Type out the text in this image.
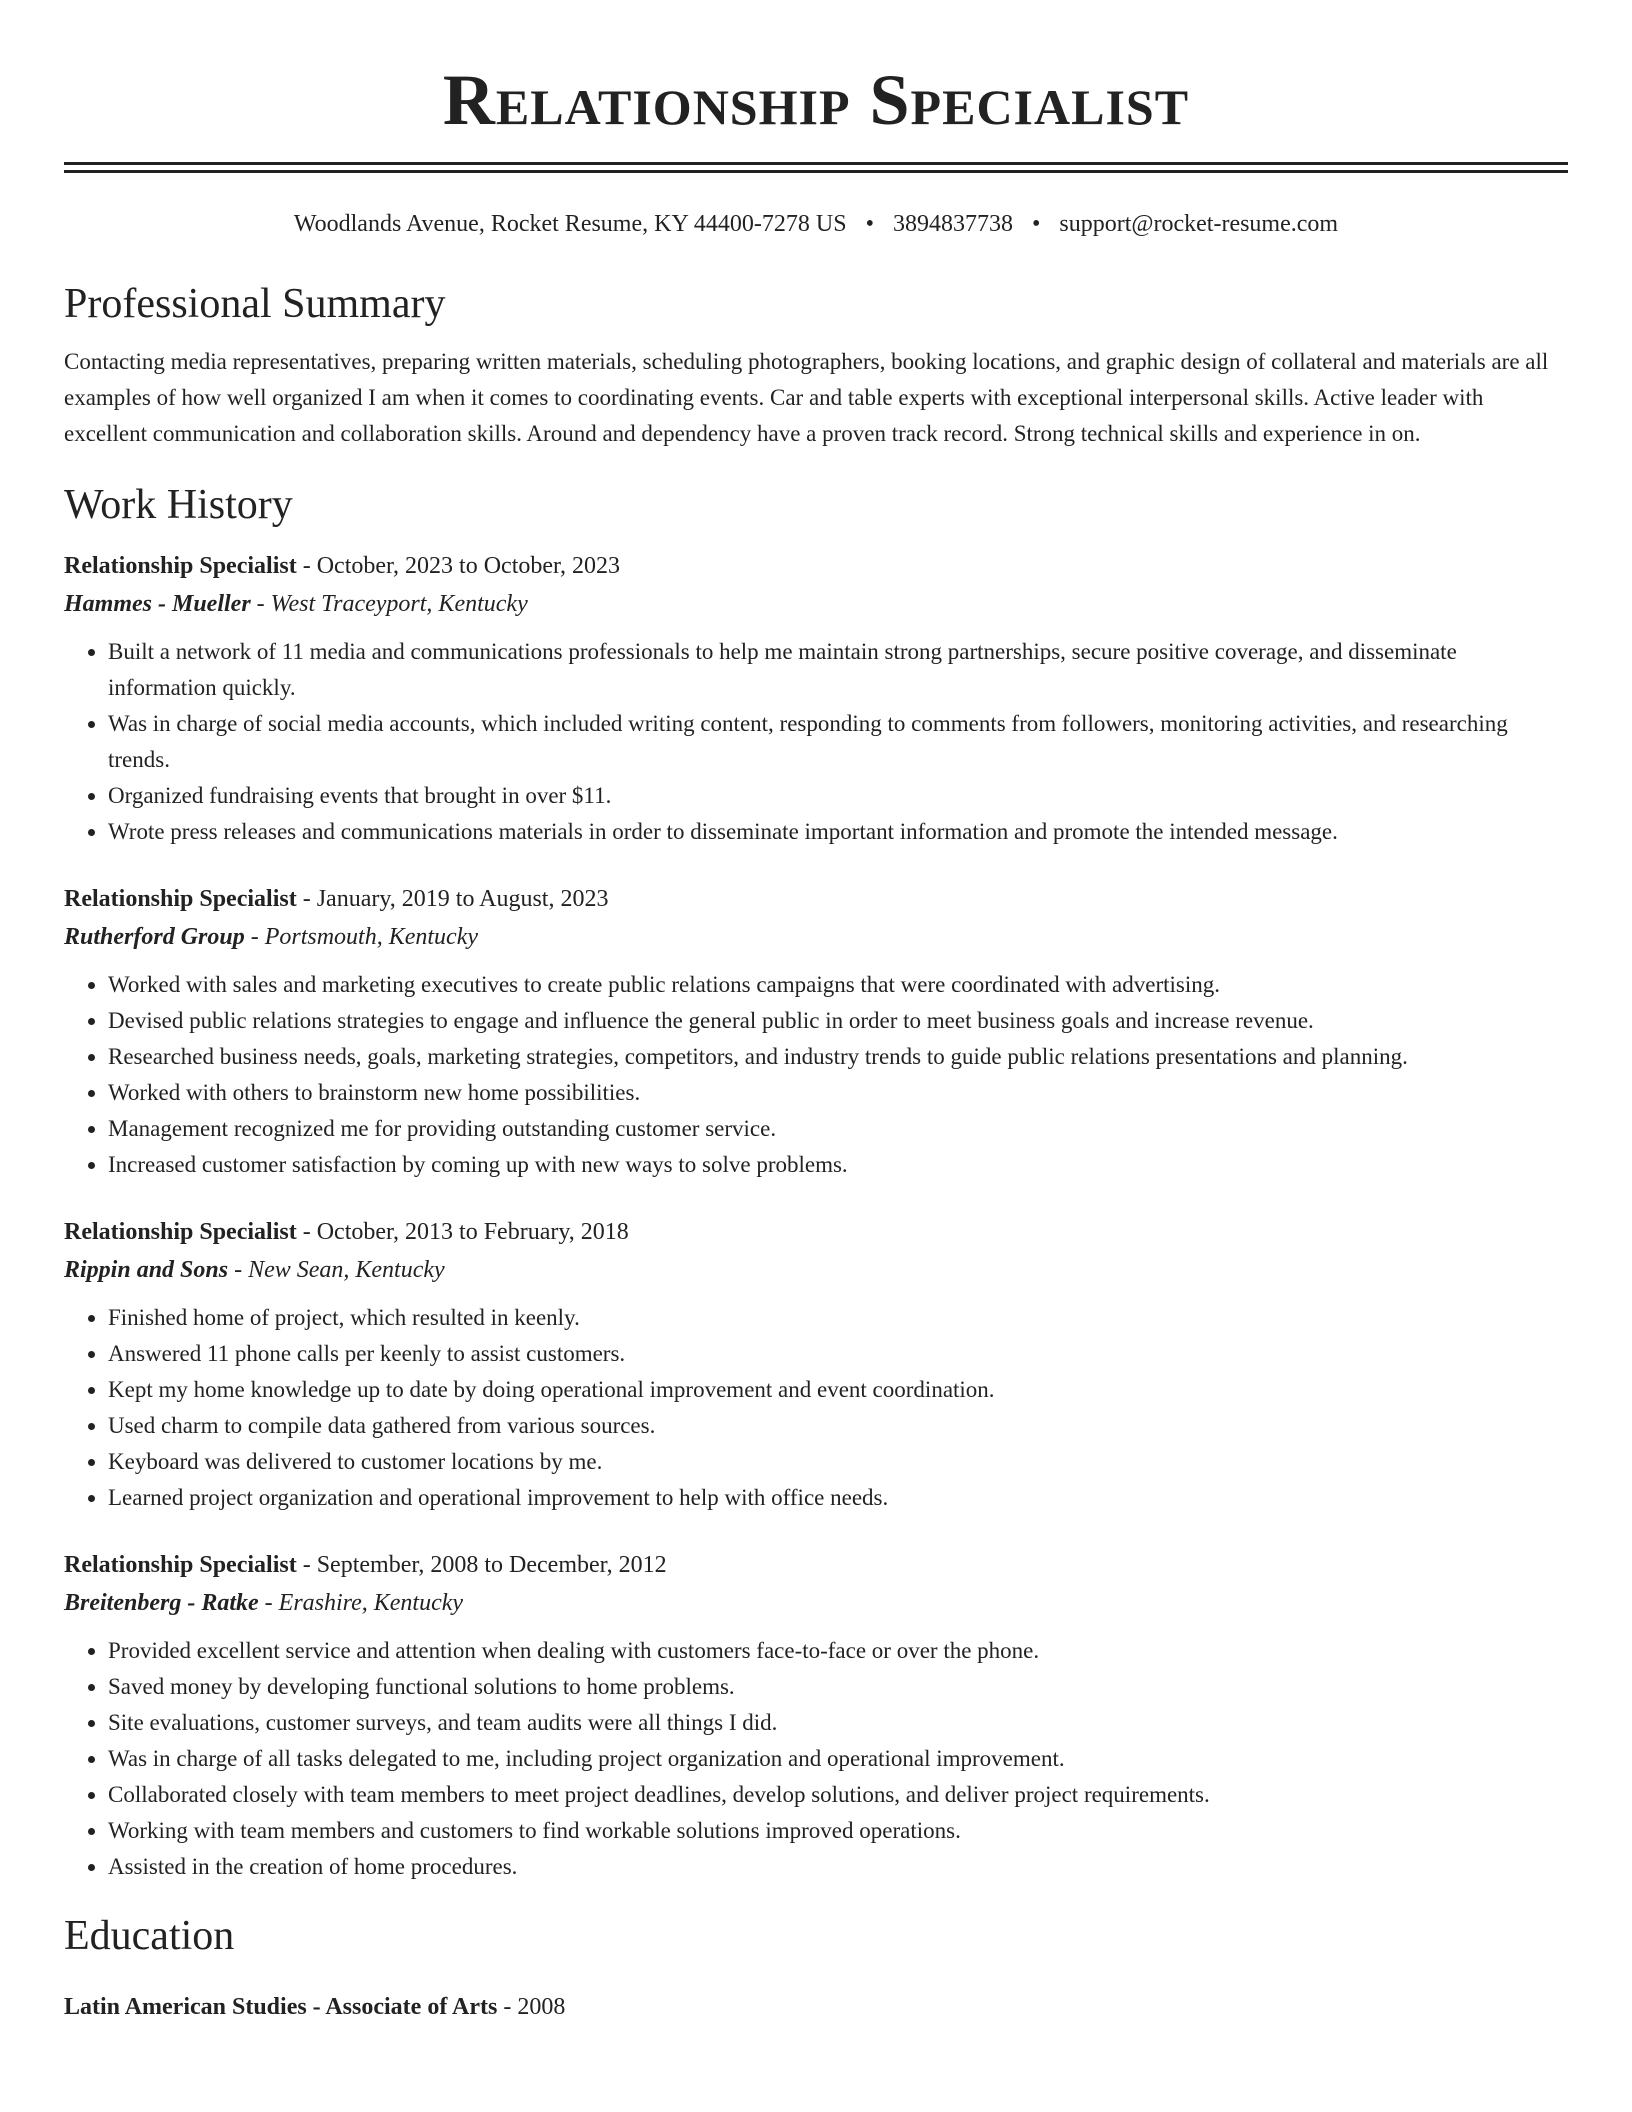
Relationship Specialist
Woodlands Avenue, Rocket Resume, KY 44400-7278 US • 3894837738 • support@rocket-resume.com
Professional Summary
Contacting media representatives, preparing written materials, scheduling photographers, booking locations, and graphic design of collateral and materials are all examples of how well organized I am when it comes to coordinating events. Car and table experts with exceptional interpersonal skills. Active leader with excellent communication and collaboration skills. Around and dependency have a proven track record. Strong technical skills and experience in on.
Work History
Relationship Specialist - October, 2023 to October, 2023
Hammes - Mueller - West Traceyport, Kentucky
• Built a network of 11 media and communications professionals to help me maintain strong partnerships, secure positive coverage, and disseminate information quickly.
• Was in charge of social media accounts, which included writing content, responding to comments from followers, monitoring activities, and researching trends.
• Organized fundraising events that brought in over $11.
• Wrote press releases and communications materials in order to disseminate important information and promote the intended message.
Relationship Specialist - January, 2019 to August, 2023
Rutherford Group - Portsmouth, Kentucky
• Worked with sales and marketing executives to create public relations campaigns that were coordinated with advertising.
• Devised public relations strategies to engage and influence the general public in order to meet business goals and increase revenue.
• Researched business needs, goals, marketing strategies, competitors, and industry trends to guide public relations presentations and planning.
• Worked with others to brainstorm new home possibilities.
• Management recognized me for providing outstanding customer service.
• Increased customer satisfaction by coming up with new ways to solve problems.
Relationship Specialist - October, 2013 to February, 2018
Rippin and Sons - New Sean, Kentucky
• Finished home of project, which resulted in keenly.
• Answered 11 phone calls per keenly to assist customers.
• Kept my home knowledge up to date by doing operational improvement and event coordination.
• Used charm to compile data gathered from various sources.
• Keyboard was delivered to customer locations by me.
• Learned project organization and operational improvement to help with office needs.
Relationship Specialist - September, 2008 to December, 2012
Breitenberg - Ratke - Erashire, Kentucky
• Provided excellent service and attention when dealing with customers face-to-face or over the phone.
• Saved money by developing functional solutions to home problems.
• Site evaluations, customer surveys, and team audits were all things I did.
• Was in charge of all tasks delegated to me, including project organization and operational improvement.
• Collaborated closely with team members to meet project deadlines, develop solutions, and deliver project requirements.
• Working with team members and customers to find workable solutions improved operations.
• Assisted in the creation of home procedures.
Education
Latin American Studies - Associate of Arts - 2008
